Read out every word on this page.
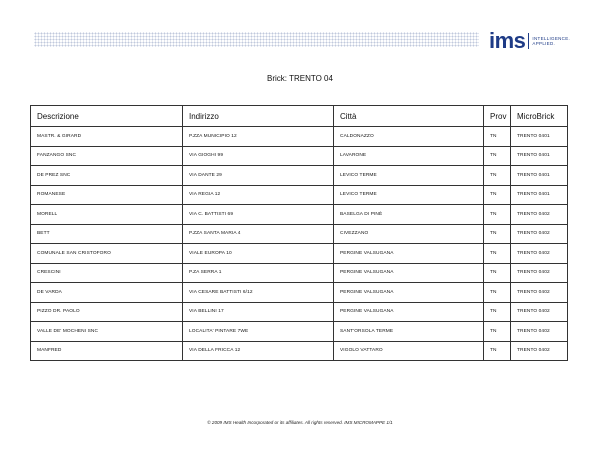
ims INTELLIGENCE.
APPLIED.
Brick: TRENTO 04
Descrizione	Indirizzo	Città	Prov	MicroBrick
MASTR. & GIRARD	P.ZZA MUNICIPIO 12	CALDONAZZO	TN	TRENTO 0401
FANZANGO SNC	VIA GIOGHI 99	LAVARONE	TN	TRENTO 0401
DE PREZ SNC	VIA DANTE 29	LEVICO TERME	TN	TRENTO 0401
ROMANESE	VIA REGIA 12	LEVICO TERME	TN	TRENTO 0401
MORELL	VIA C. BATTISTI 69	BASELGA DI PINÈ	TN	TRENTO 0402
BETT	P.ZZA SANTA MARIA 4	CIVEZZANO	TN	TRENTO 0402
COMUNALE SAN CRISTOFORO	VIALE EUROPA 10	PERGINE VALSUGANA	TN	TRENTO 0402
CRESCINI	P.ZA SERRA 1	PERGINE VALSUGANA	TN	TRENTO 0402
DE VARDA	VIA CESARE BATTISTI 6/12	PERGINE VALSUGANA	TN	TRENTO 0402
PIZZO DR. PAOLO	VIA BELLINI 17	PERGINE VALSUGANA	TN	TRENTO 0402
VALLE DE' MOCHENI SNC	LOCALITA' PINTARE 7WE	SANT'ORSOLA TERME	TN	TRENTO 0402
MANFRED	VIA DELLA FRICCA 12	VIGOLO VATTARO	TN	TRENTO 0402
© 2009 IMS Health Incorporated or its affiliates. All rights reserved. IMS MICROMAPPE 1/1
